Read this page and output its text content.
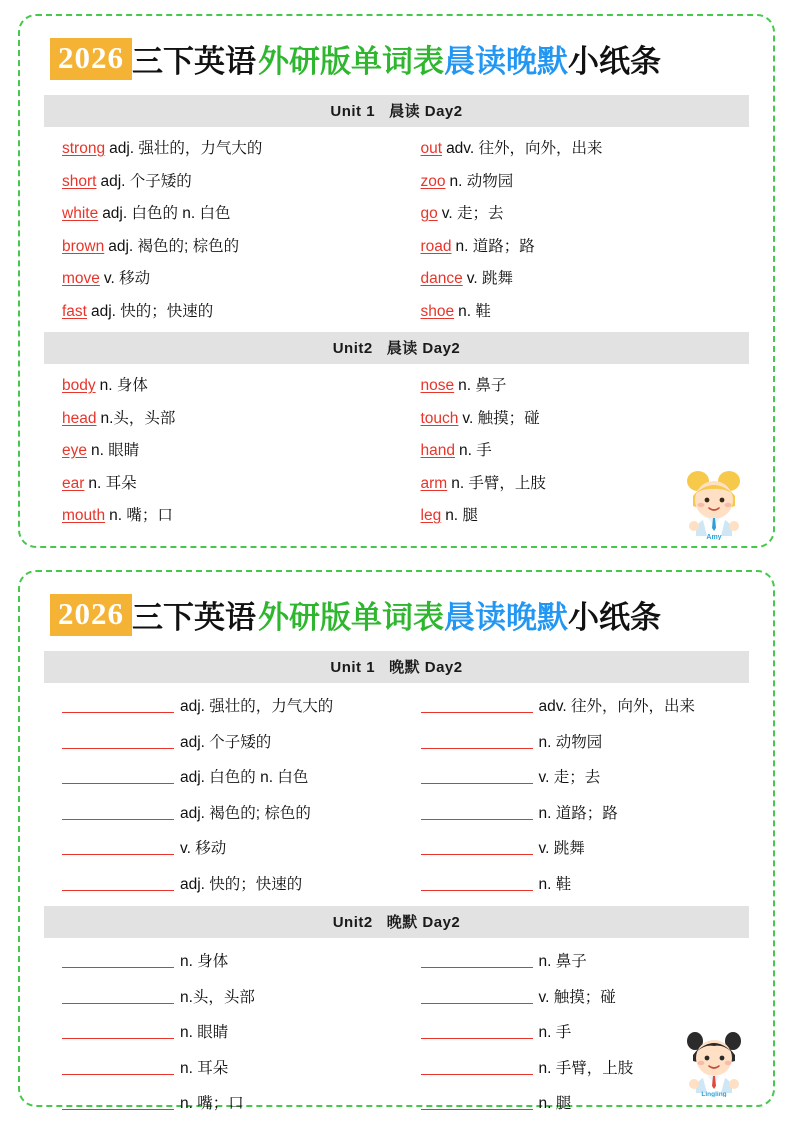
2026 三下英语 外研版单词表 晨读晚默 小纸条
Unit 1 晨读 Day2
strong adj. 强壮的，力气大的
short adj. 个子矮的
white adj. 白色的 n. 白色
brown adj. 褐色的; 棕色的
move v. 移动
fast adj. 快的；快速的
out adv. 往外，向外，出来
zoo n. 动物园
go v. 走；去
road n. 道路；路
dance v. 跳舞
shoe n. 鞋
Unit2 晨读 Day2
body n. 身体
head n.头，头部
eye n. 眼睛
ear n. 耳朵
mouth n. 嘴；口
nose n. 鼻子
touch v. 触摸；碰
hand n. 手
arm n. 手臂，上肢
leg n. 腿
Amy
2026 三下英语 外研版单词表 晨读晚默 小纸条
Unit 1 晚默 Day2
adj. 强壮的，力气大的
adj. 个子矮的
adj. 白色的 n. 白色
adj. 褐色的; 棕色的
v. 移动
adj. 快的；快速的
adv. 往外，向外，出来
n. 动物园
v. 走；去
n. 道路；路
v. 跳舞
n. 鞋
Unit2 晚默 Day2
n. 身体
n.头，头部
n. 眼睛
n. 耳朵
n. 嘴；口
n. 鼻子
v. 触摸；碰
n. 手
n. 手臂，上肢
n. 腿
Lingling
